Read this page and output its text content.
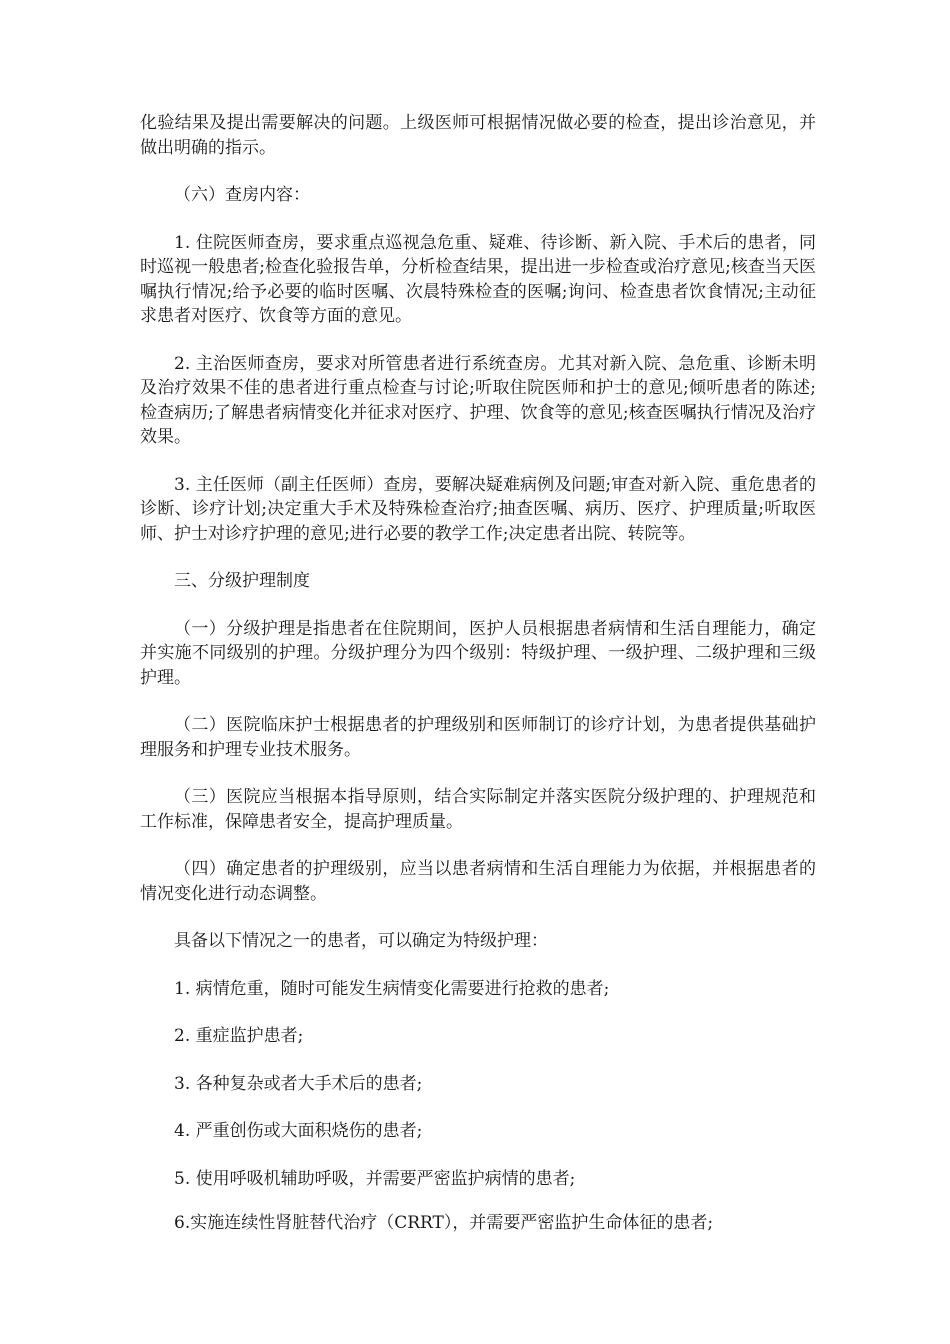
化验结果及提出需要解决的问题。上级医师可根据情况做必要的检查，提出诊治意见，并做出明确的指示。

（六）查房内容：

1. 住院医师查房，要求重点巡视急危重、疑难、待诊断、新入院、手术后的患者，同时巡视一般患者;检查化验报告单，分析检查结果，提出进一步检查或治疗意见;核查当天医嘱执行情况;给予必要的临时医嘱、次晨特殊检查的医嘱;询问、检查患者饮食情况;主动征求患者对医疗、饮食等方面的意见。

2. 主治医师查房，要求对所管患者进行系统查房。尤其对新入院、急危重、诊断未明及治疗效果不佳的患者进行重点检查与讨论;听取住院医师和护士的意见;倾听患者的陈述;检查病历;了解患者病情变化并征求对医疗、护理、饮食等的意见;核查医嘱执行情况及治疗效果。

3. 主任医师（副主任医师）查房，要解决疑难病例及问题;审查对新入院、重危患者的诊断、诊疗计划;决定重大手术及特殊检查治疗;抽查医嘱、病历、医疗、护理质量;听取医师、护士对诊疗护理的意见;进行必要的教学工作;决定患者出院、转院等。

三、分级护理制度

（一）分级护理是指患者在住院期间，医护人员根据患者病情和生活自理能力，确定并实施不同级别的护理。分级护理分为四个级别：特级护理、一级护理、二级护理和三级护理。

（二）医院临床护士根据患者的护理级别和医师制订的诊疗计划，为患者提供基础护理服务和护理专业技术服务。

（三）医院应当根据本指导原则，结合实际制定并落实医院分级护理的、护理规范和工作标准，保障患者安全，提高护理质量。

（四）确定患者的护理级别，应当以患者病情和生活自理能力为依据，并根据患者的情况变化进行动态调整。

具备以下情况之一的患者，可以确定为特级护理：

1. 病情危重，随时可能发生病情变化需要进行抢救的患者;

2. 重症监护患者;

3. 各种复杂或者大手术后的患者;

4. 严重创伤或大面积烧伤的患者;

5. 使用呼吸机辅助呼吸，并需要严密监护病情的患者;

6.实施连续性肾脏替代治疗（CRRT），并需要严密监护生命体征的患者;
